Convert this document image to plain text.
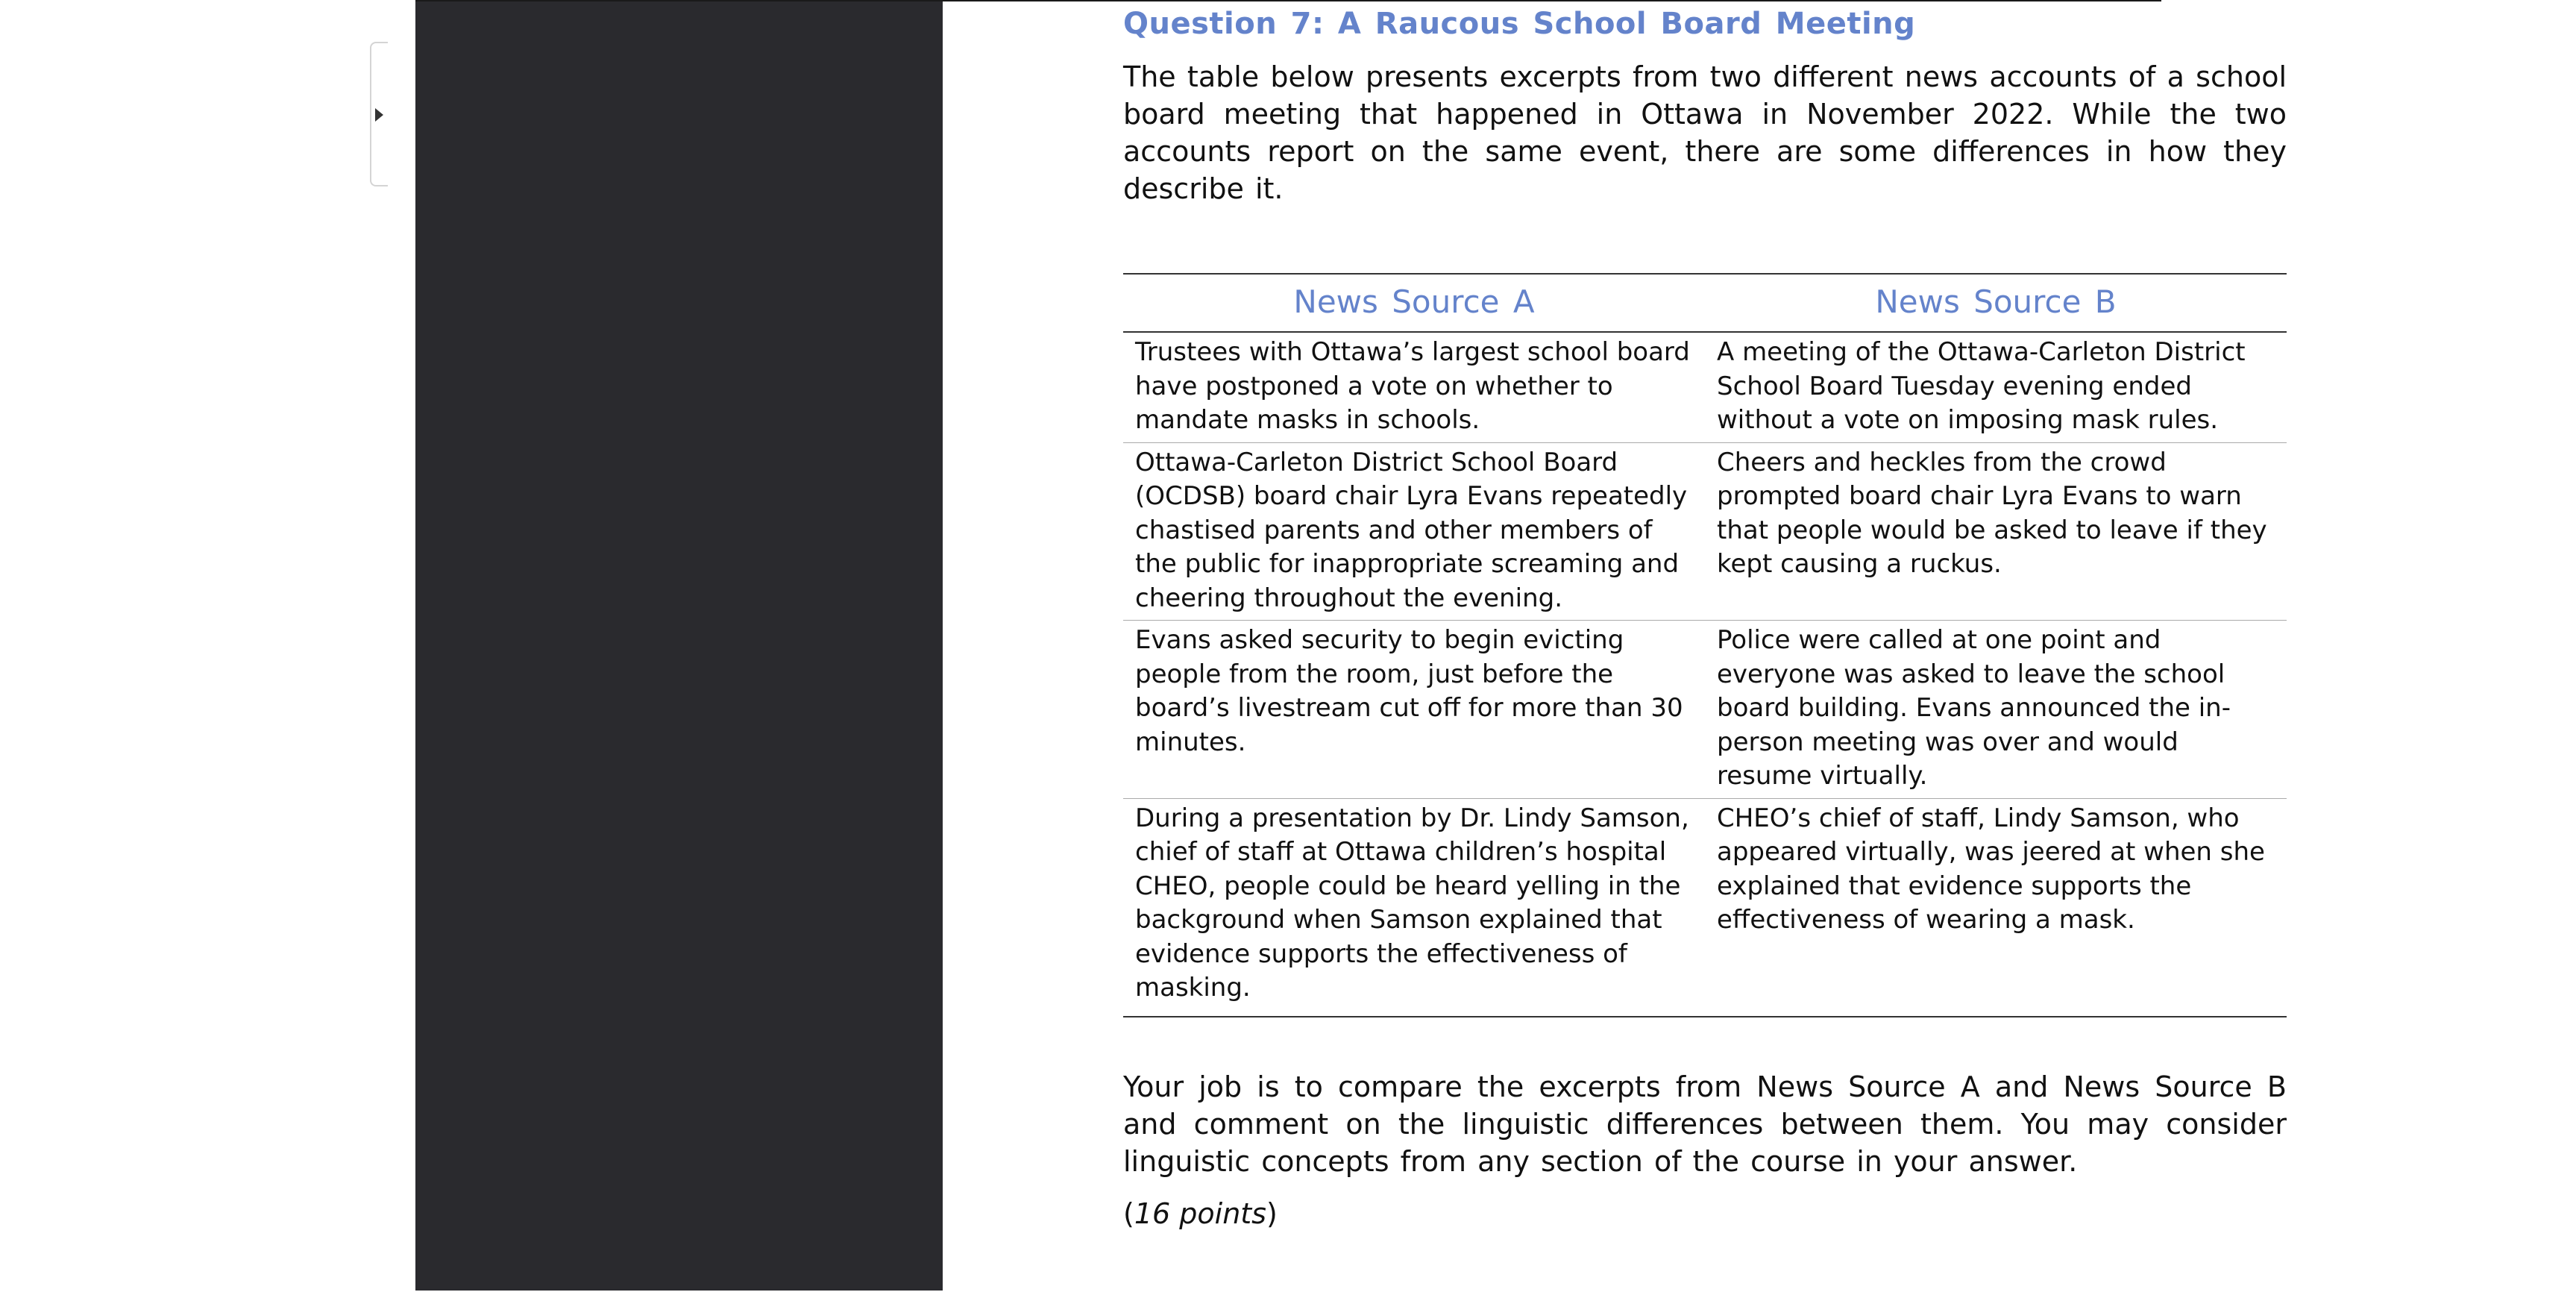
Question 7: A Raucous School Board Meeting

The table below presents excerpts from two different news accounts of a school board meeting that happened in Ottawa in November 2022. While the two accounts report on the same event, there are some differences in how they describe it.

News Source A	News Source B
Trustees with Ottawa’s largest school board have postponed a vote on whether to mandate masks in schools.	A meeting of the Ottawa-Carleton District School Board Tuesday evening ended without a vote on imposing mask rules.
Ottawa-Carleton District School Board (OCDSB) board chair Lyra Evans repeatedly chastised parents and other members of the public for inappropriate screaming and cheering throughout the evening.	Cheers and heckles from the crowd prompted board chair Lyra Evans to warn that people would be asked to leave if they kept causing a ruckus.
Evans asked security to begin evicting people from the room, just before the board’s livestream cut off for more than 30 minutes.	Police were called at one point and everyone was asked to leave the school board building. Evans announced the in-person meeting was over and would resume virtually.
During a presentation by Dr. Lindy Samson, chief of staff at Ottawa children’s hospital CHEO, people could be heard yelling in the background when Samson explained that evidence supports the effectiveness of masking.	CHEO’s chief of staff, Lindy Samson, who appeared virtually, was jeered at when she explained that evidence supports the effectiveness of wearing a mask.

Your job is to compare the excerpts from News Source A and News Source B and comment on the linguistic differences between them. You may consider linguistic concepts from any section of the course in your answer.

(16 points)
